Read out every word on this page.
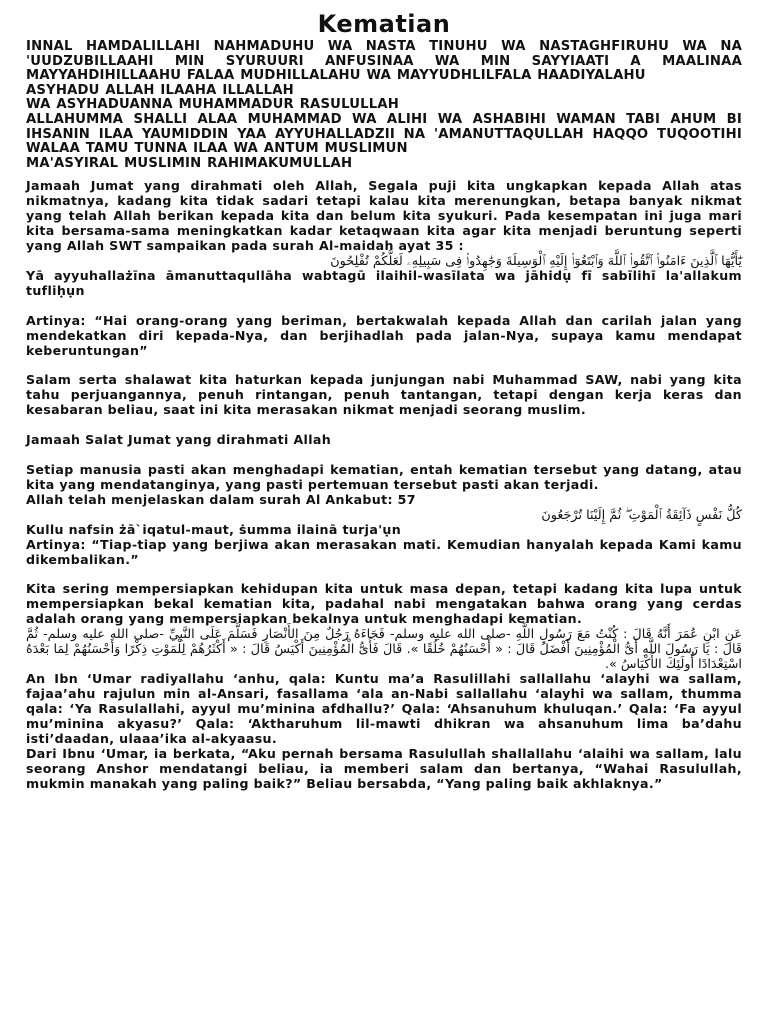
Kematian

INNAL HAMDALILLAHI NAHMADUHU WA NASTA TINUHU WA NASTAGHFIRUHU WA NA 'UUDZUBILLAAHI MIN SYURUURI ANFUSINAA WA MIN SAYYIAATI A MAALINAA MAYYAHDIHILLAAHU FALAA MUDHILLALAHU WA MAYYUDHLILFALA HAADIYALAHU

ASYHADU ALLAH ILAAHA ILLALLAH

WA ASYHADUANNA MUHAMMADUR RASULULLAH

ALLAHUMMA SHALLI ALAA MUHAMMAD WA ALIHI WA ASHABIHI WAMAN TABI AHUM BI IHSANIN ILAA YAUMIDDIN YAA AYYUHALLADZII NA 'AMANUTTAQULLAH HAQQO TUQOOTIHI WALAA TAMU TUNNA ILAA WA ANTUM MUSLIMUN

MA'ASYIRAL MUSLIMIN RAHIMAKUMULLAH

Jamaah Jumat yang dirahmati oleh Allah, Segala puji kita ungkapkan kepada Allah atas nikmatnya, kadang kita tidak sadari tetapi kalau kita merenungkan, betapa banyak nikmat yang telah Allah berikan kepada kita dan belum kita syukuri. Pada kesempatan ini juga mari kita bersama-sama meningkatkan kadar ketaqwaan kita agar kita menjadi beruntung seperti yang Allah SWT sampaikan pada surah Al-maidah ayat 35 :

يَٰٓأَيُّهَا ٱلَّذِينَ ءَامَنُوا۟ ٱتَّقُوا۟ ٱللَّهَ وَٱبْتَغُوٓا۟ إِلَيْهِ ٱلْوَسِيلَةَ وَجَٰهِدُوا۟ فِى سَبِيلِهِۦ لَعَلَّكُمْ تُفْلِحُونَ

Yā ayyuhallażīna āmanuttaqullāha wabtagū ilaihil-wasīlata wa jāhidụ fī sabīlihī la'allakum tufliḥụn

Artinya: “Hai orang-orang yang beriman, bertakwalah kepada Allah dan carilah jalan yang mendekatkan diri kepada-Nya, dan berjihadlah pada jalan-Nya, supaya kamu mendapat keberuntungan”

Salam serta shalawat kita haturkan kepada junjungan nabi Muhammad SAW, nabi yang kita tahu perjuangannya, penuh rintangan, penuh tantangan, tetapi dengan kerja keras dan kesabaran beliau, saat ini kita merasakan nikmat menjadi seorang muslim.

Jamaah Salat Jumat yang dirahmati Allah

Setiap manusia pasti akan menghadapi kematian, entah kematian tersebut yang datang, atau kita yang mendatanginya, yang pasti pertemuan tersebut pasti akan terjadi.

Allah telah menjelaskan dalam surah Al Ankabut: 57

كُلُّ نَفْسٍ ذَآئِقَةُ ٱلْمَوْتِ ۖ ثُمَّ إِلَيْنَا تُرْجَعُونَ

Kullu nafsin żā`iqatul-maut, ṡumma ilainā turja'ụn

Artinya: “Tiap-tiap yang berjiwa akan merasakan mati. Kemudian hanyalah kepada Kami kamu dikembalikan.”

Kita sering mempersiapkan kehidupan kita untuk masa depan, tetapi kadang kita lupa untuk mempersiapkan bekal kematian kita, padahal nabi mengatakan bahwa orang yang cerdas adalah orang yang mempersiapkan bekalnya untuk menghadapi kematian.

عَنِ ابْنِ عُمَرَ أَنَّهُ قَالَ : كُنْتُ مَعَ رَسُولِ اللَّهِ -صلى الله عليه وسلم- فَجَاءَهُ رَجُلٌ مِنَ الأَنْصَارِ فَسَلَّمَ عَلَى النَّبِيِّ -صلى الله عليه وسلم- ثُمَّ قَالَ : يَا رَسُولَ اللَّهِ أَىُّ الْمُؤْمِنِينَ أَفْضَلُ قَالَ : « أَحْسَنُهُمْ خُلُقًا ». قَالَ فَأَىُّ الْمُؤْمِنِينَ أَكْيَسُ قَالَ : « أَكْثَرُهُمْ لِلْمَوْتِ ذِكْرًا وَأَحْسَنُهُمْ لِمَا بَعْدَهُ اسْتِعْدَادًا أُولَئِكَ الأَكْيَاسُ ».

An Ibn ‘Umar radiyallahu ‘anhu, qala: Kuntu ma’a Rasulillahi sallallahu ‘alayhi wa sallam, fajaa’ahu rajulun min al-Ansari, fasallama ‘ala an-Nabi sallallahu ‘alayhi wa sallam, thumma qala: ‘Ya Rasulallahi, ayyul mu’minina afdhallu?’ Qala: ‘Ahsanuhum khuluqan.’ Qala: ‘Fa ayyul mu’minina akyasu?’ Qala: ‘Aktharuhum lil-mawti dhikran wa ahsanuhum lima ba’dahu isti’daadan, ulaaa’ika al-akyaasu.

Dari Ibnu ‘Umar, ia berkata, “Aku pernah bersama Rasulullah shallallahu ‘alaihi wa sallam, lalu seorang Anshor mendatangi beliau, ia memberi salam dan bertanya, “Wahai Rasulullah, mukmin manakah yang paling baik?” Beliau bersabda, “Yang paling baik akhlaknya.”
